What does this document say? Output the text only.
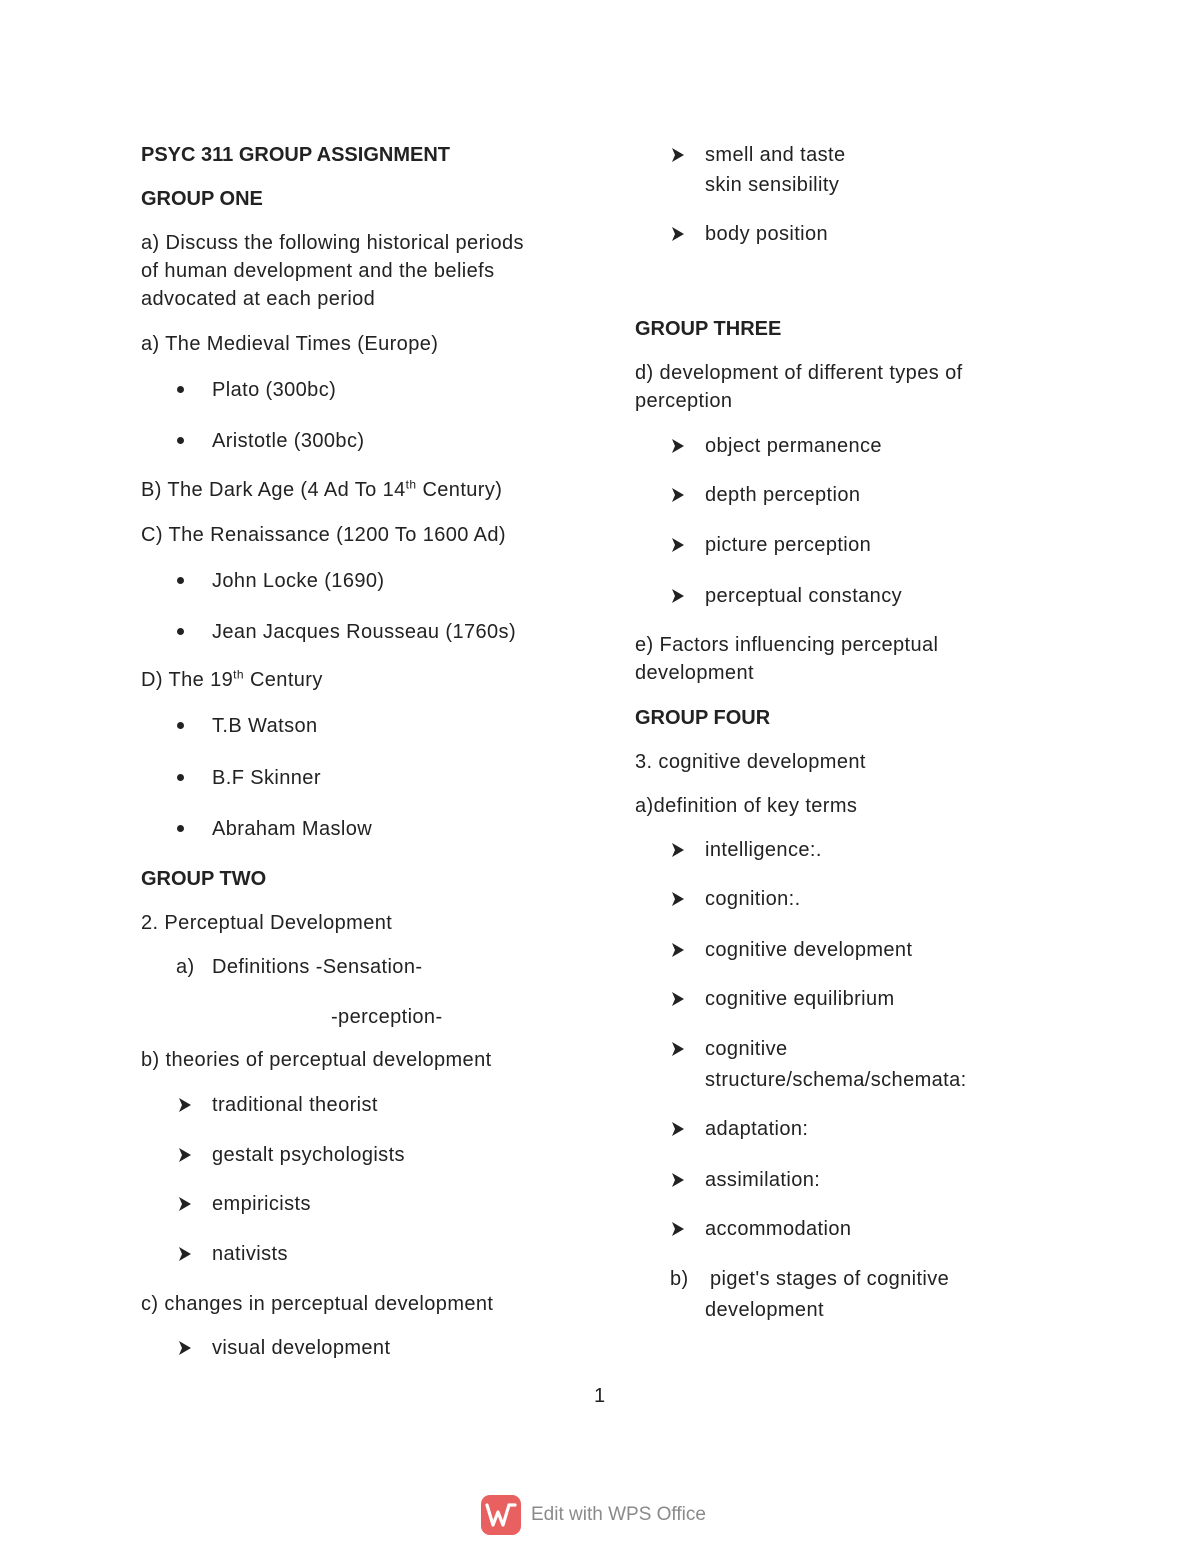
PSYC 311 GROUP ASSIGNMENT
GROUP ONE
a) Discuss the following historical periods
of human development and the beliefs
advocated at each period
a) The Medieval Times (Europe)
Plato (300bc)
Aristotle (300bc)
B) The Dark Age (4 Ad To 14th Century)
C) The Renaissance (1200 To 1600 Ad)
John Locke (1690)
Jean Jacques Rousseau (1760s)
D) The 19th Century
T.B Watson
B.F Skinner
Abraham Maslow
GROUP TWO
2. Perceptual Development
a) Definitions -Sensation-
-perception-
b) theories of perceptual development
traditional theorist
gestalt psychologists
empiricists
nativists
c) changes in perceptual development
visual development
smell and taste
skin sensibility
body position
GROUP THREE
d) development of different types of
perception
object permanence
depth perception
picture perception
perceptual constancy
e) Factors influencing perceptual
development
GROUP FOUR
3. cognitive development
a)definition of key terms
intelligence:.
cognition:.
cognitive development
cognitive equilibrium
cognitive
structure/schema/schemata:
adaptation:
assimilation:
accommodation
b) piget's stages of cognitive
development
1
Edit with WPS Office
